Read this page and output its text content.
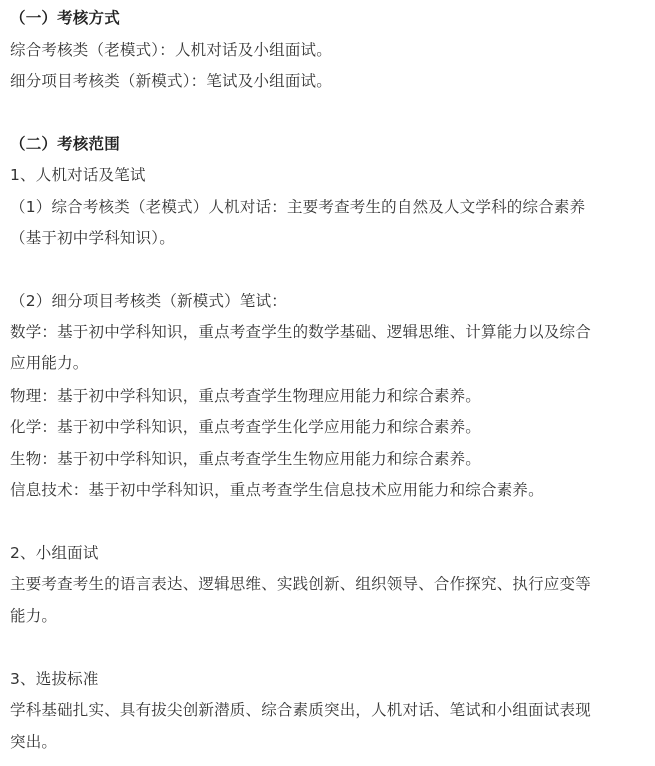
（一）考核方式
综合考核类（老模式）：人机对话及小组面试。
细分项目考核类（新模式）：笔试及小组面试。
（二）考核范围
1、人机对话及笔试
（1）综合考核类（老模式）人机对话：主要考查考生的自然及人文学科的综合素养
（基于初中学科知识）。
（2）细分项目考核类（新模式）笔试：
数学：基于初中学科知识，重点考查学生的数学基础、逻辑思维、计算能力以及综合
应用能力。
物理：基于初中学科知识，重点考查学生物理应用能力和综合素养。
化学：基于初中学科知识，重点考查学生化学应用能力和综合素养。
生物：基于初中学科知识，重点考查学生生物应用能力和综合素养。
信息技术：基于初中学科知识，重点考查学生信息技术应用能力和综合素养。
2、小组面试
主要考查考生的语言表达、逻辑思维、实践创新、组织领导、合作探究、执行应变等
能力。
3、选拔标准
学科基础扎实、具有拔尖创新潜质、综合素质突出，人机对话、笔试和小组面试表现
突出。
